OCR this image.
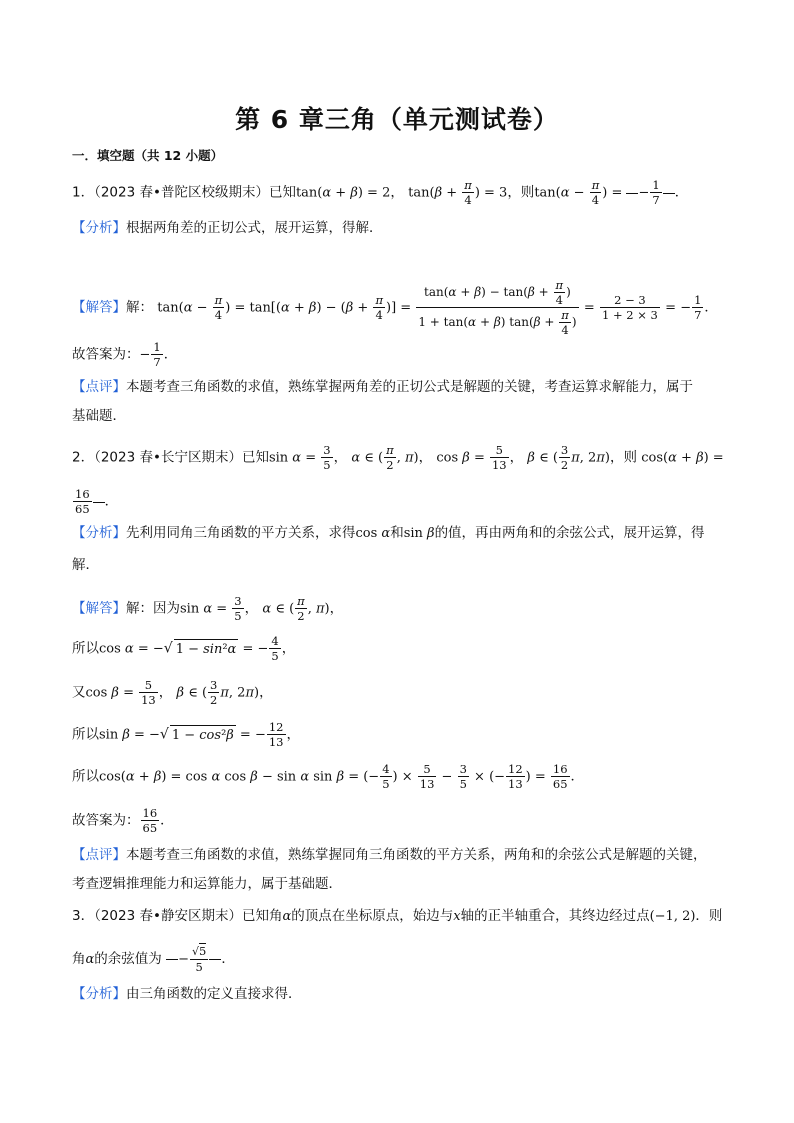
第 6 章三角（单元测试卷）
一．填空题（共 12 小题）
1．（2023 春•普陀区校级期末）已知tan(α + β) = 2， $\tan(\beta + \frac{\pi}{4}$ ) = 3，则$\tan(\alpha - \frac{\pi}{4}$ ) = − $\frac{1}{7}$ ．
【分析】根据两角差的正切公式，展开运算，得解．
【解答】解： $\tan(\alpha - \frac{\pi}{4}$ ) = $\tan[(\alpha + \beta) - (\beta + \frac{\pi}{4}$ )] = $\frac{\tan(\alpha + \beta) - \tan(\beta + \frac{\pi}{4} )}{1 + \tan(\alpha + \beta) \tan(\beta + \frac{\pi}{4} )} = \frac{2 - 3}{1 + 2 \times 3}$ = − $\frac{1}{7}$ ．
故答案为：− $\frac{1}{7}$ ．
【点评】本题考查三角函数的求值，熟练掌握两角差的正切公式是解题的关键，考查运算求解能力，属于
基础题．
2．（2023 春•长宁区期末）已知$\sin \alpha = \frac{3}{5}$ ， α ∈ ( $\frac{\pi}{2}$ , π)， $\cos \beta = \frac{5}{13}$ ， β ∈ ( $\frac{3}{2} \pi$, 2π)，则 cos(α + β) =
$\frac{16}{65}$ ．
【分析】先利用同角三角函数的平方关系，求得cos α和sin β的值，再由两角和的余弦公式，展开运算，得
解．
【解答】解：因为$\sin \alpha = \frac{3}{5}$ ， α ∈ ( $\frac{\pi}{2}$ , π)，
所以cos α = −√ 1 − sin²α = − $\frac{4}{5}$ ，
又$\cos \beta = \frac{5}{13}$ ， β ∈ ( $\frac{3}{2} \pi$, 2π)，
所以sin β = −√ 1 − cos²β = − $\frac{12}{13}$ ，
所以cos(α + β) = cos α cos β − sin α sin β = (− $\frac{4}{5}$ ) × $\frac{5}{13} - \frac{3}{5}$ × (− $\frac{12}{13}$ ) = $\frac{16}{65}$ ．
故答案为： $\frac{16}{65}$ ．
【点评】本题考查三角函数的求值，熟练掌握同角三角函数的平方关系，两角和的余弦公式是解题的关键，
考查逻辑推理能力和运算能力，属于基础题．
3．（2023 春•静安区期末）已知角α的顶点在坐标原点，始边与x轴的正半轴重合，其终边经过点(−1, 2)．则
角α的余弦值为 − $\frac{√5}{5}$ ．
【分析】由三角函数的定义直接求得．
